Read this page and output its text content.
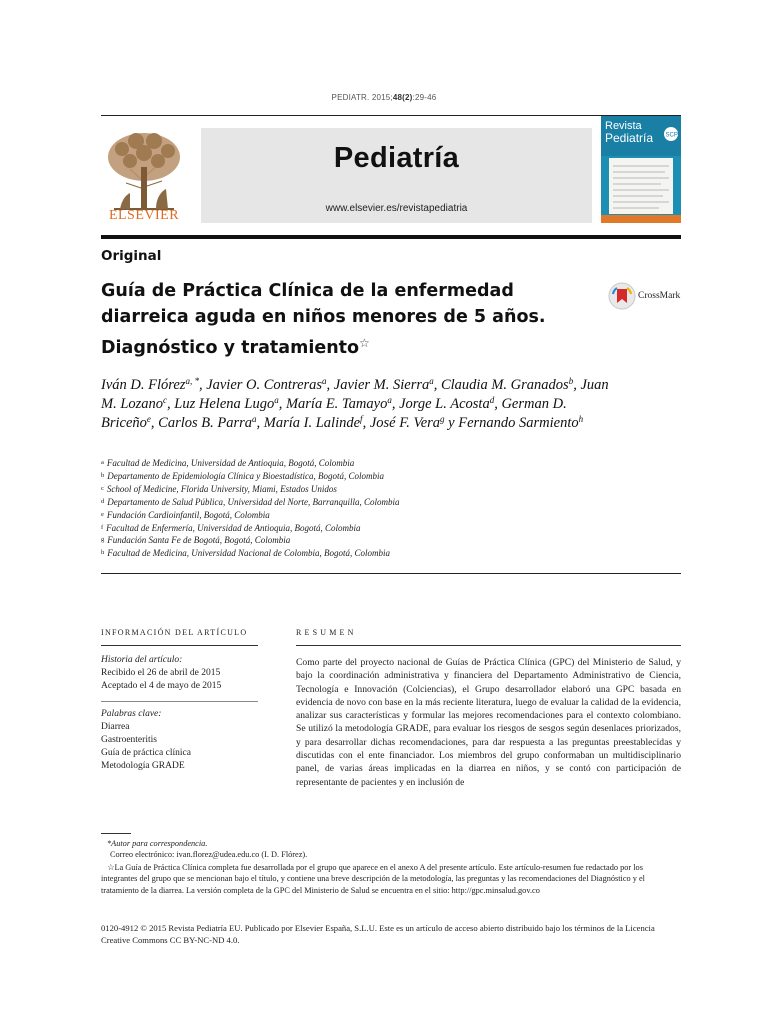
PEDIATR. 2015;48(2):29-46
ELSEVIER
Pediatría
www.elsevier.es/revistapediatria
Revista
Pediatría SCP
Original
Guía de Práctica Clínica de la enfermedad diarreica aguda en niños menores de 5 años. Diagnóstico y tratamiento☆
CrossMark
Iván D. Flórez$^{a, *}$, Javier O. Contreras$^a$, Javier M. Sierra$^a$, Claudia M. Granados$^b$, Juan M. Lozano$^c$, Luz Helena Lugo$^a$, María E. Tamayo$^a$, Jorge L. Acosta$^d$, German D. Briceño$^e$, Carlos B. Parra$^a$, María I. Lalinde$^f$, José F. Vera$^g$ y Fernando Sarmiento$^h$
$^a$ Facultad de Medicina, Universidad de Antioquia, Bogotá, Colombia
$^b$ Departamento de Epidemiología Clínica y Bioestadística, Bogotá, Colombia
$^c$ School of Medicine, Florida University, Miami, Estados Unidos
$^d$ Departamento de Salud Pública, Universidad del Norte, Barranquilla, Colombia
$^e$ Fundación Cardioinfantil, Bogotá, Colombia
$^f$ Facultad de Enfermería, Universidad de Antioquia, Bogotá, Colombia
$^g$ Fundación Santa Fe de Bogotá, Bogotá, Colombia
$^h$ Facultad de Medicina, Universidad Nacional de Colombia, Bogotá, Colombia
INFORMACIÓN DEL ARTÍCULO
Historia del artículo:
Recibido el 26 de abril de 2015
Aceptado el 4 de mayo de 2015
Palabras clave:
Diarrea
Gastroenteritis
Guía de práctica clínica
Metodología GRADE
RESUMEN
Como parte del proyecto nacional de Guías de Práctica Clínica (GPC) del Ministerio de Salud, y bajo la coordinación administrativa y financiera del Departamento Administrativo de Ciencia, Tecnología e Innovación (Colciencias), el Grupo desarrollador elaboró una GPC basada en evidencia de novo con base en la más reciente literatura, luego de evaluar la calidad de la evidencia, analizar sus características y formular las mejores recomendaciones para el contexto colombiano. Se utilizó la metodología GRADE, para evaluar los riesgos de sesgos según desenlaces priorizados, y para desarrollar dichas recomendaciones, para dar respuesta a las preguntas preestablecidas y discutidas con el ente financiador. Los miembros del grupo conformaban un multidisciplinario panel, de varias áreas implicadas en la diarrea en niños, y se contó con participación de representante de pacientes y en inclusión de
*Autor para correspondencia.
Correo electrónico: ivan.florez@udea.edu.co (I. D. Flórez).
☆La Guía de Práctica Clínica completa fue desarrollada por el grupo que aparece en el anexo A del presente artículo. Este artículo-resumen fue redactado por los integrantes del grupo que se mencionan bajo el título, y contiene una breve descripción de la metodología, las preguntas y las recomendaciones del Diagnóstico y el tratamiento de la diarrea. La versión completa de la GPC del Ministerio de Salud se encuentra en el sitio: http://gpc.minsalud.gov.co
0120-4912 © 2015 Revista Pediatría EU. Publicado por Elsevier España, S.L.U. Este es un artículo de acceso abierto distribuido bajo los términos de la Licencia Creative Commons CC BY-NC-ND 4.0.
